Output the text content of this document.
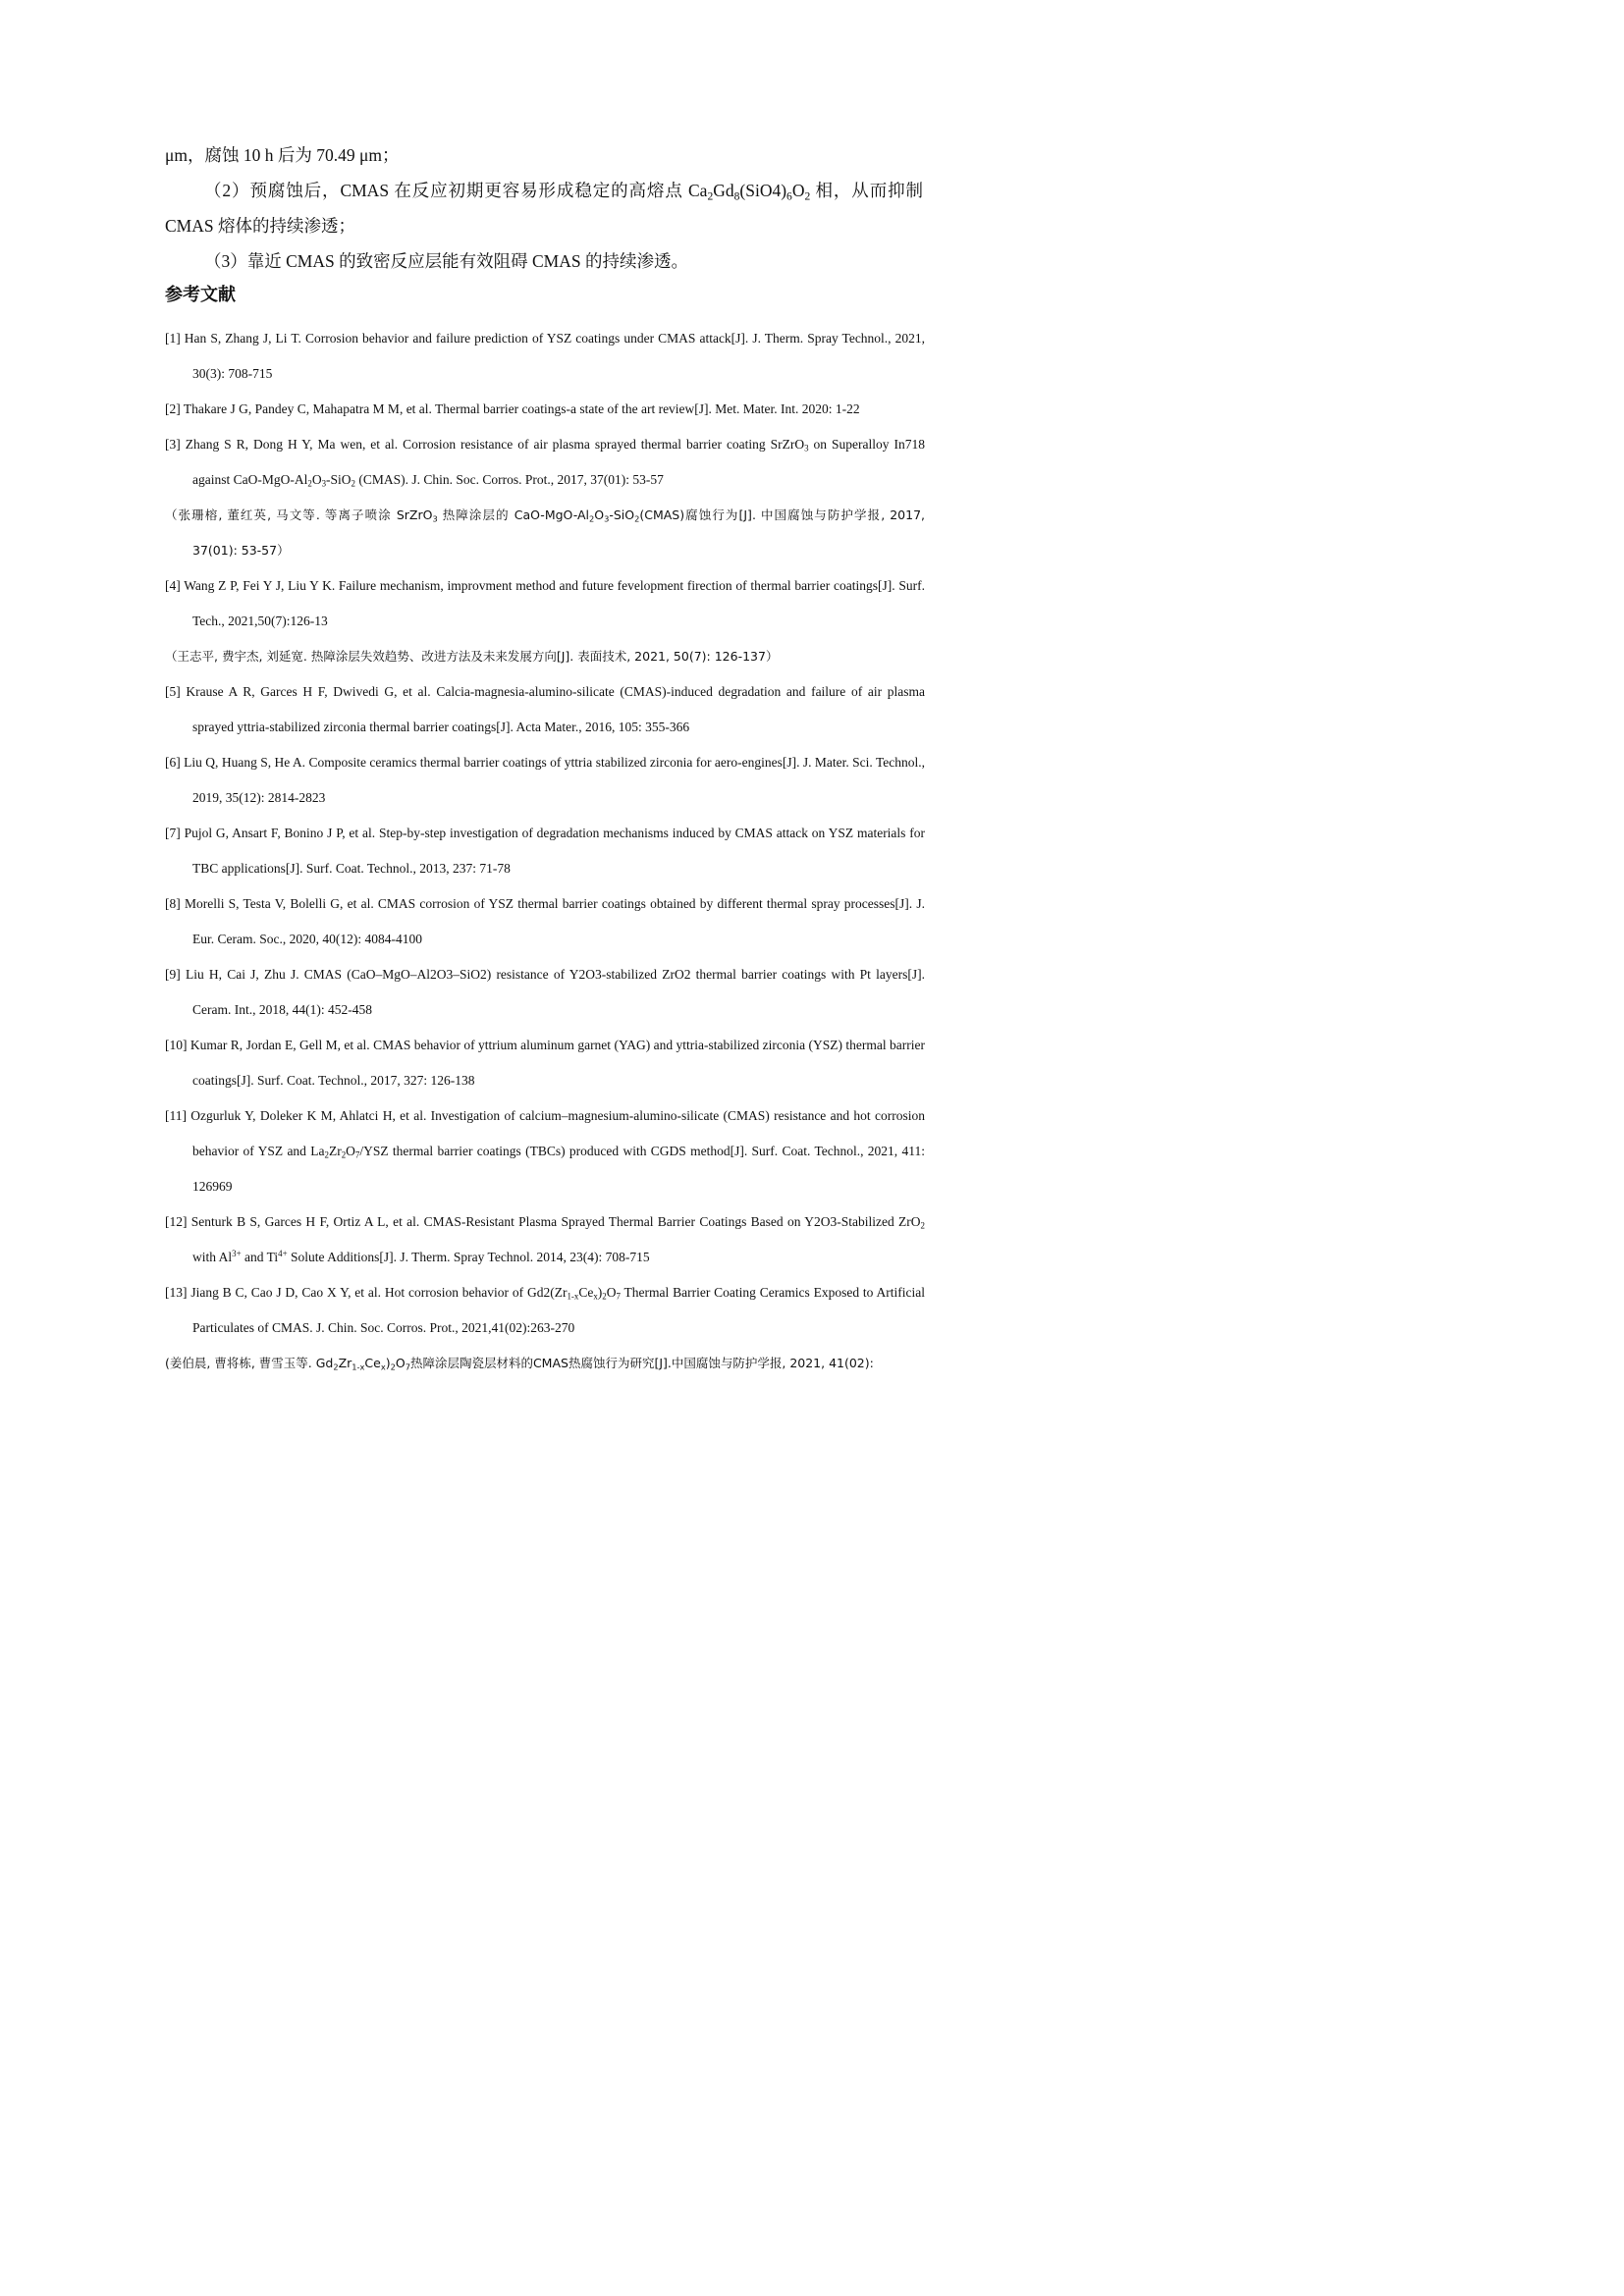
μm，腐蚀 10 h 后为 70.49 μm；

（2）预腐蚀后，CMAS 在反应初期更容易形成稳定的高熔点 $Ca_2Gd_8(SiO4)_6O_2$ 相，从而抑制 CMAS 熔体的持续渗透；

（3）靠近 CMAS 的致密反应层能有效阻碍 CMAS 的持续渗透。

参考文献

[1] Han S, Zhang J, Li T. Corrosion behavior and failure prediction of YSZ coatings under CMAS attack[J]. J. Therm. Spray Technol., 2021, 30(3): 708-715

[2] Thakare J G, Pandey C, Mahapatra M M, et al. Thermal barrier coatings-a state of the art review[J]. Met. Mater. Int. 2020: 1-22

[3] Zhang S R, Dong H Y, Ma wen, et al. Corrosion resistance of air plasma sprayed thermal barrier coating SrZrO$_3$ on Superalloy In718 against CaO-$MgO-Al_2O_3-SiO_2$ (CMAS). J. Chin. Soc. Corros. Prot., 2017, 37(01): 53-57

（张珊榕, 董红英, 马文等. 等离子喷涂 SrZrO$_3$ 热障涂层的 CaO-$MgO-Al_2O_3-SiO_2(CMAS)$腐蚀行为[J]. 中国腐蚀与防护学报, 2017, 37(01): 53-57）

[4] Wang Z P, Fei Y J, Liu Y K. Failure mechanism, improvment method and future fevelopment firection of thermal barrier coatings[J]. Surf. Tech., 2021,50(7):126-13

（王志平, 费宇杰, 刘延宽. 热障涂层失效趋势、改进方法及未来发展方向[J]. 表面技术, 2021, 50(7): 126-137）

[5] Krause A R, Garces H F, Dwivedi G, et al. Calcia-magnesia-alumino-silicate (CMAS)-induced degradation and failure of air plasma sprayed yttria-stabilized zirconia thermal barrier coatings[J]. Acta Mater., 2016, 105: 355-366

[6] Liu Q, Huang S, He A. Composite ceramics thermal barrier coatings of yttria stabilized zirconia for aero-engines[J]. J. Mater. Sci. Technol., 2019, 35(12): 2814-2823

[7] Pujol G, Ansart F, Bonino J P, et al. Step-by-step investigation of degradation mechanisms induced by CMAS attack on YSZ materials for TBC applications[J]. Surf. Coat. Technol., 2013, 237: 71-78

[8] Morelli S, Testa V, Bolelli G, et al. CMAS corrosion of YSZ thermal barrier coatings obtained by different thermal spray processes[J]. J. Eur. Ceram. Soc., 2020, 40(12): 4084-4100

[9] Liu H, Cai J, Zhu J. CMAS (CaO–MgO–Al2O3–SiO2) resistance of Y2O3-stabilized ZrO2 thermal barrier coatings with Pt layers[J]. Ceram. Int., 2018, 44(1): 452-458

[10] Kumar R, Jordan E, Gell M, et al. CMAS behavior of yttrium aluminum garnet (YAG) and yttria-stabilized zirconia (YSZ) thermal barrier coatings[J]. Surf. Coat. Technol., 2017, 327: 126-138

[11] Ozgurluk Y, Doleker K M, Ahlatci H, et al. Investigation of calcium–magnesium-alumino-silicate (CMAS) resistance and hot corrosion behavior of YSZ and $La_2Zr_2O_7$/YSZ thermal barrier coatings (TBCs) produced with CGDS method[J]. Surf. Coat. Technol., 2021, 411: 126969

[12] Senturk B S, Garces H F, Ortiz A L, et al. CMAS-Resistant Plasma Sprayed Thermal Barrier Coatings Based on Y2O3-Stabilized ZrO$_2$ with $Al^{3+}$ and $Ti^{4+}$ Solute Additions[J]. J. Therm. Spray Technol. 2014, 23(4): 708-715

[13] Jiang B C, Cao J D, Cao X Y, et al. Hot corrosion behavior of $Gd2(Zr_{1-x}Ce_x)_2O_7$ Thermal Barrier Coating Ceramics Exposed to Artificial Particulates of CMAS. J. Chin. Soc. Corros. Prot., 2021,41(02):263-270

(姜伯晨, 曹将栋, 曹雪玉等. $Gd_2Zr_{1-x}Ce_x)_2O_7$热障涂层陶瓷层材料的CMAS热腐蚀行为研究[J].中国腐蚀与防护学报, 2021, 41(02):
